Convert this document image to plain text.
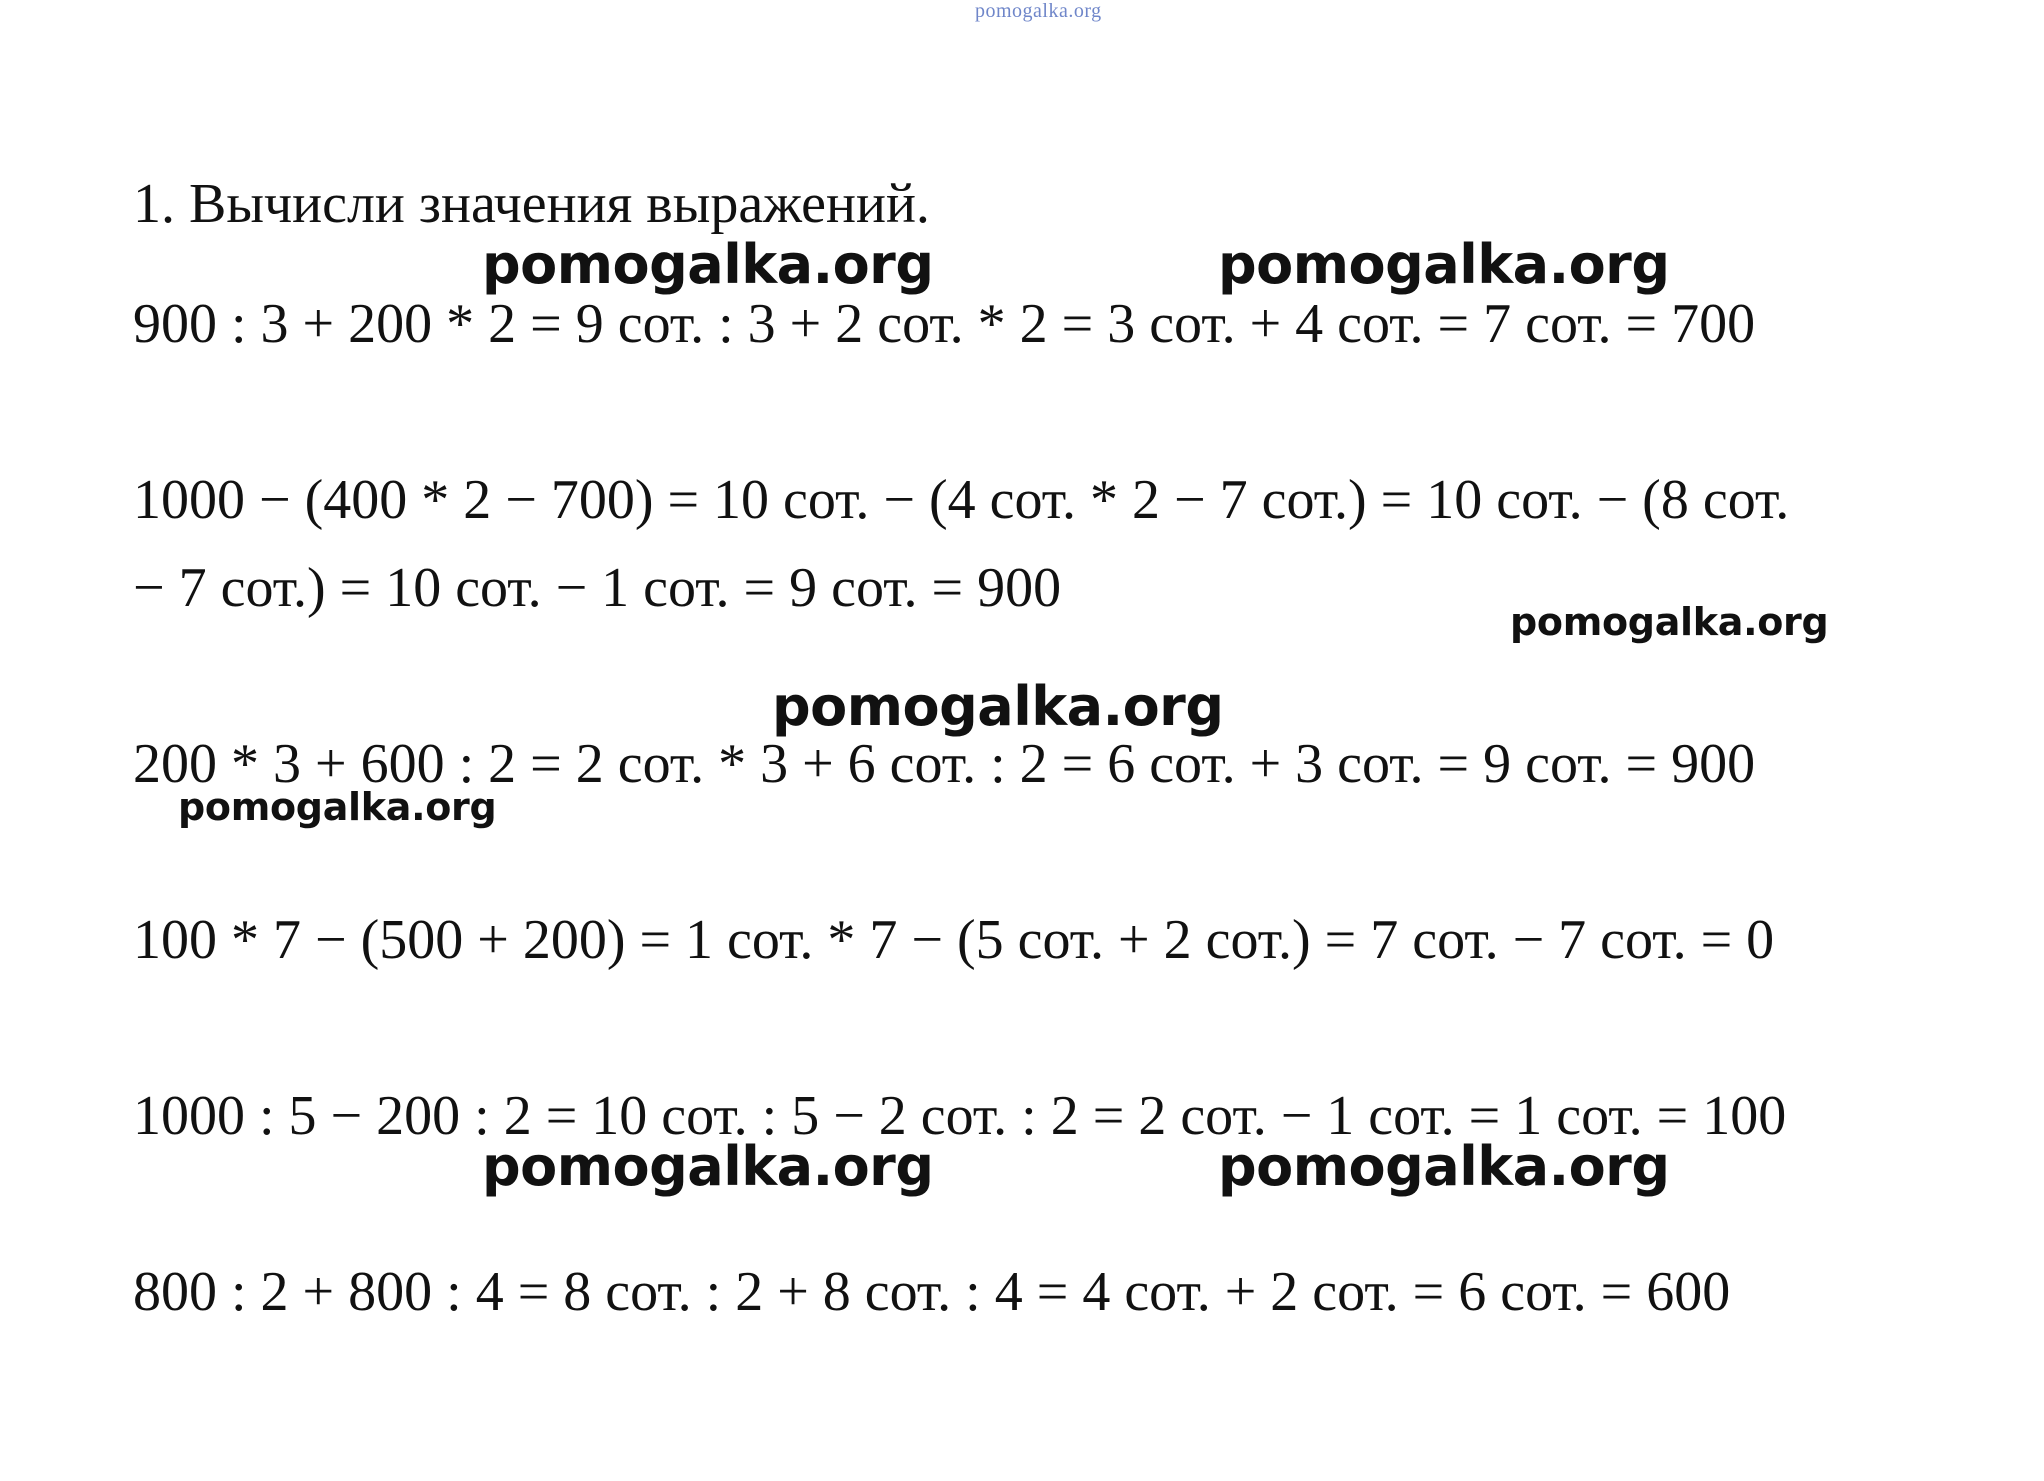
pomogalka.org
1. Вычисли значения выражений.
900 : 3 + 200 * 2 = 9 сот. : 3 + 2 сот. * 2 = 3 сот. + 4 сот. = 7 сот. = 700
1000 − (400 * 2 − 700) = 10 сот. − (4 сот. * 2 − 7 сот.) = 10 сот. − (8 сот.
− 7 сот.) = 10 сот. − 1 сот. = 9 сот. = 900
200 * 3 + 600 : 2 = 2 сот. * 3 + 6 сот. : 2 = 6 сот. + 3 сот. = 9 сот. = 900
100 * 7 − (500 + 200) = 1 сот. * 7 − (5 сот. + 2 сот.) = 7 сот. − 7 сот. = 0
1000 : 5 − 200 : 2 = 10 сот. : 5 − 2 сот. : 2 = 2 сот. − 1 сот. = 1 сот. = 100
800 : 2 + 800 : 4 = 8 сот. : 2 + 8 сот. : 4 = 4 сот. + 2 сот. = 6 сот. = 600
pomogalka.org	pomogalka.org
pomogalka.org
pomogalka.org
pomogalka.org
pomogalka.org	pomogalka.org
